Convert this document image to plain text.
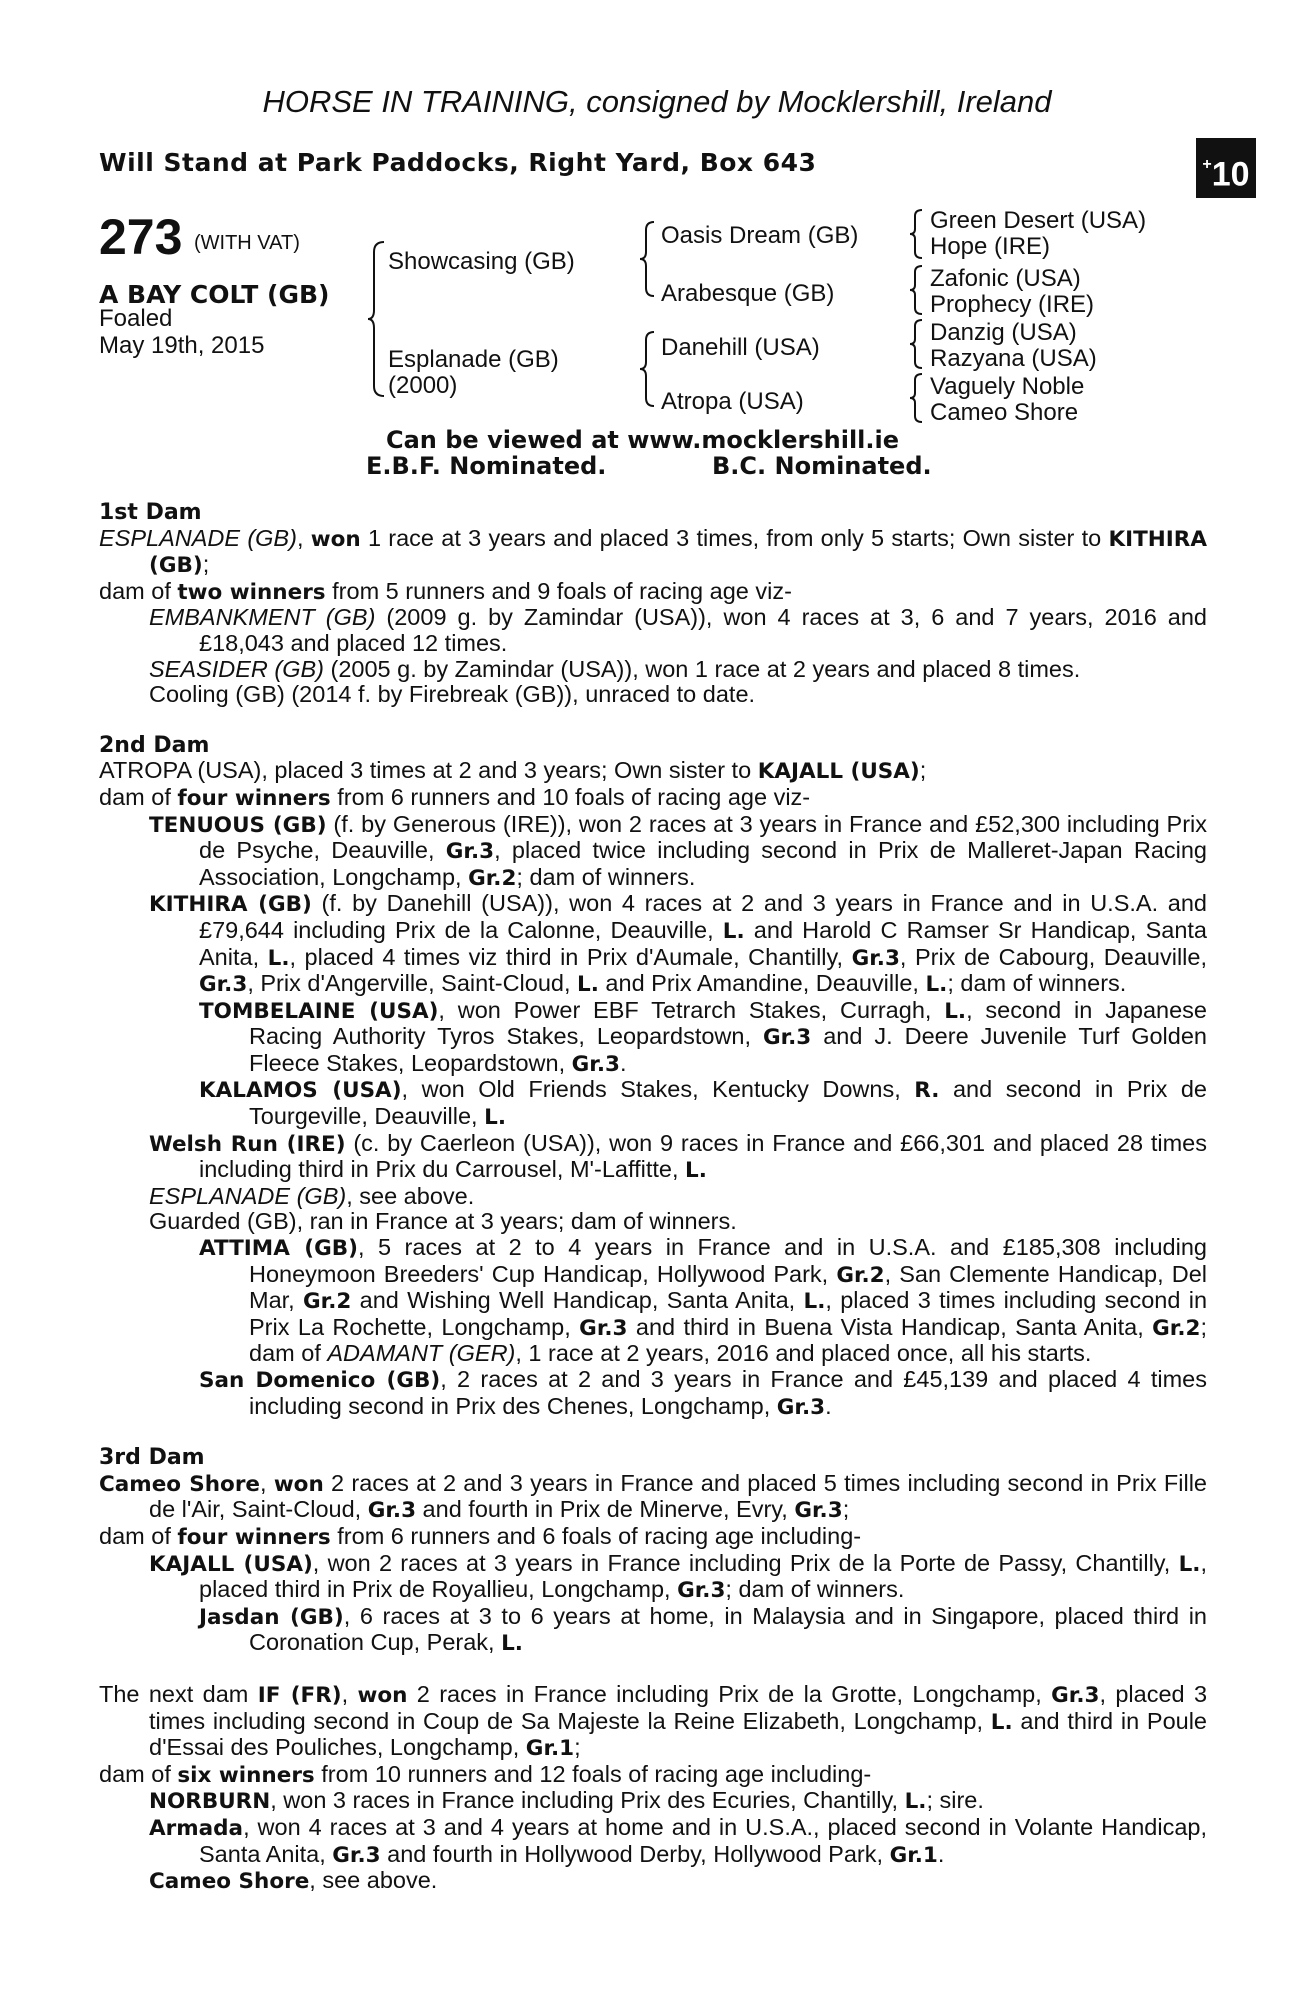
HORSE IN TRAINING, consigned by Mocklershill, Ireland
Will Stand at Park Paddocks, Right Yard, Box 643	+10
273 (WITH VAT)
A BAY COLT (GB)
Foaled
May 19th, 2015
Showcasing (GB)
Esplanade (GB)
(2000)
Oasis Dream (GB)
Arabesque (GB)
Danehill (USA)
Atropa (USA)
Green Desert (USA)
Hope (IRE)
Zafonic (USA)
Prophecy (IRE)
Danzig (USA)
Razyana (USA)
Vaguely Noble
Cameo Shore
Can be viewed at www.mocklershill.ie
E.B.F. Nominated.	B.C. Nominated.

1st Dam

ESPLANADE (GB), won 1 race at 3 years and placed 3 times, from only 5 starts; Own sister to KITHIRA (GB);

dam of two winners from 5 runners and 9 foals of racing age viz-

EMBANKMENT (GB) (2009 g. by Zamindar (USA)), won 4 races at 3, 6 and 7 years, 2016 and £18,043 and placed 12 times.

SEASIDER (GB) (2005 g. by Zamindar (USA)), won 1 race at 2 years and placed 8 times.

Cooling (GB) (2014 f. by Firebreak (GB)), unraced to date.

2nd Dam

ATROPA (USA), placed 3 times at 2 and 3 years; Own sister to KAJALL (USA);

dam of four winners from 6 runners and 10 foals of racing age viz-

TENUOUS (GB) (f. by Generous (IRE)), won 2 races at 3 years in France and £52,300 including Prix de Psyche, Deauville, Gr.3, placed twice including second in Prix de Malleret-Japan Racing Association, Longchamp, Gr.2; dam of winners.

KITHIRA (GB) (f. by Danehill (USA)), won 4 races at 2 and 3 years in France and in U.S.A. and £79,644 including Prix de la Calonne, Deauville, L. and Harold C Ramser Sr Handicap, Santa Anita, L., placed 4 times viz third in Prix d'Aumale, Chantilly, Gr.3, Prix de Cabourg, Deauville, Gr.3, Prix d'Angerville, Saint-Cloud, L. and Prix Amandine, Deauville, L.; dam of winners.

TOMBELAINE (USA), won Power EBF Tetrarch Stakes, Curragh, L., second in Japanese Racing Authority Tyros Stakes, Leopardstown, Gr.3 and J. Deere Juvenile Turf Golden Fleece Stakes, Leopardstown, Gr.3.

KALAMOS (USA), won Old Friends Stakes, Kentucky Downs, R. and second in Prix de Tourgeville, Deauville, L.

Welsh Run (IRE) (c. by Caerleon (USA)), won 9 races in France and £66,301 and placed 28 times including third in Prix du Carrousel, M'-Laffitte, L.

ESPLANADE (GB), see above.

Guarded (GB), ran in France at 3 years; dam of winners.

ATTIMA (GB), 5 races at 2 to 4 years in France and in U.S.A. and £185,308 including Honeymoon Breeders' Cup Handicap, Hollywood Park, Gr.2, San Clemente Handicap, Del Mar, Gr.2 and Wishing Well Handicap, Santa Anita, L., placed 3 times including second in Prix La Rochette, Longchamp, Gr.3 and third in Buena Vista Handicap, Santa Anita, Gr.2; dam of ADAMANT (GER), 1 race at 2 years, 2016 and placed once, all his starts.

San Domenico (GB), 2 races at 2 and 3 years in France and £45,139 and placed 4 times including second in Prix des Chenes, Longchamp, Gr.3.

3rd Dam

Cameo Shore, won 2 races at 2 and 3 years in France and placed 5 times including second in Prix Fille de l'Air, Saint-Cloud, Gr.3 and fourth in Prix de Minerve, Evry, Gr.3;

dam of four winners from 6 runners and 6 foals of racing age including-

KAJALL (USA), won 2 races at 3 years in France including Prix de la Porte de Passy, Chantilly, L., placed third in Prix de Royallieu, Longchamp, Gr.3; dam of winners.

Jasdan (GB), 6 races at 3 to 6 years at home, in Malaysia and in Singapore, placed third in Coronation Cup, Perak, L.

The next dam IF (FR), won 2 races in France including Prix de la Grotte, Longchamp, Gr.3, placed 3 times including second in Coup de Sa Majeste la Reine Elizabeth, Longchamp, L. and third in Poule d'Essai des Pouliches, Longchamp, Gr.1;

dam of six winners from 10 runners and 12 foals of racing age including-

NORBURN, won 3 races in France including Prix des Ecuries, Chantilly, L.; sire.

Armada, won 4 races at 3 and 4 years at home and in U.S.A., placed second in Volante Handicap, Santa Anita, Gr.3 and fourth in Hollywood Derby, Hollywood Park, Gr.1.

Cameo Shore, see above.
